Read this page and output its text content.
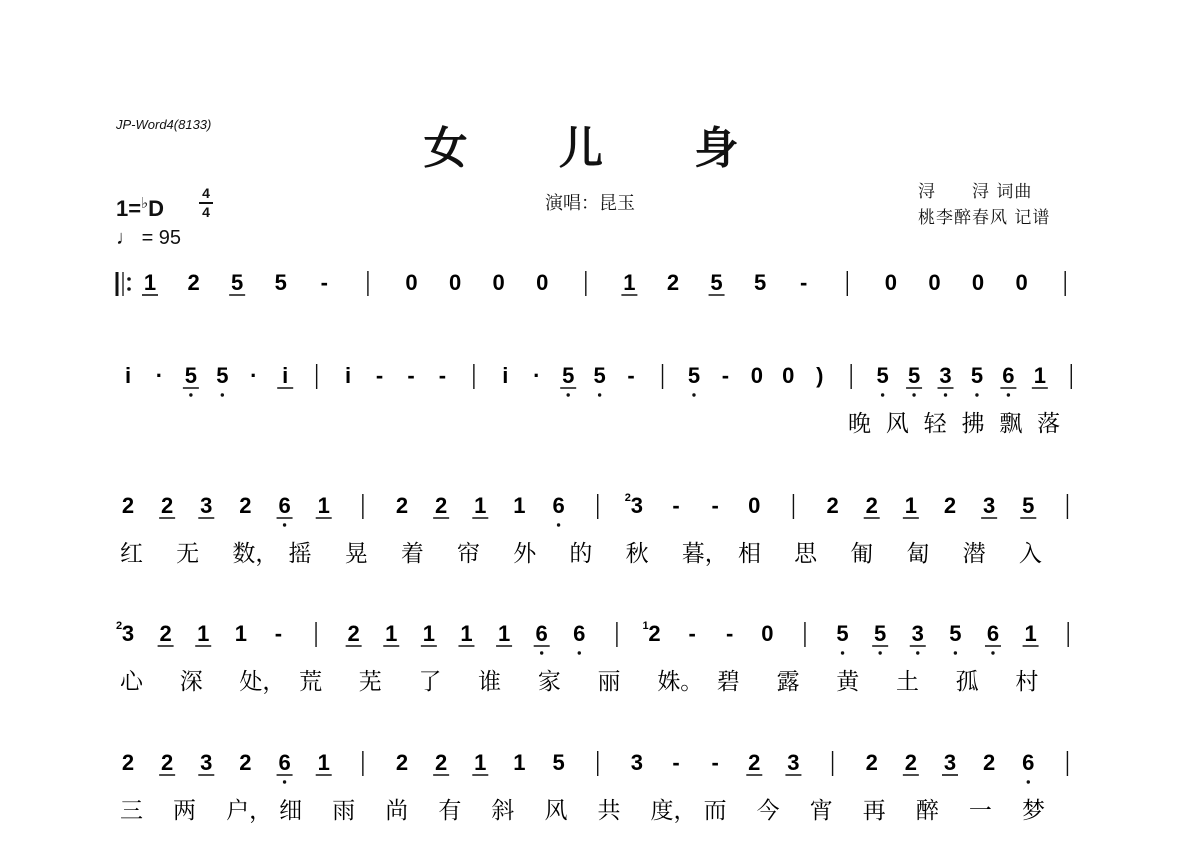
JP-Word4(8133)	女 儿 身
演唱：昆玉
浔　　浔 词曲
桃李醉春风 记谱
1=♭D
4
4
♩ = 95
1 2 5 5 -	0 0 0 0	1 2 5 5 -	0 0 0 0
i · 5 5 · i	i - - -	i · 5 5 - 5 - 0 0 ) 5 5 3 5 6 1
晚 风 轻 拂 飘 落
2 2 3 2 6 1	2 2 1 1 6	3
2 - - 0	2 2 1 2 3 5
红 无 数， 摇 晃 着 帘 外 的 秋 暮， 相 思 匍 匐 潜 入
3
2 2 1 1 -	2 1 1 1 1 6 6	2
1 - - 0	5 5 3 5 6 1
心 深 处， 荒 芜 了 谁 家 丽 姝。 碧 露 黄 土 孤 村
2 2 3 2 6 1	2 2 1 1 5	3 - - 2 3	2 2 3 2 6
三 两 户， 细 雨 尚 有 斜 风 共 度， 而 今 宵 再 醉 一 梦
